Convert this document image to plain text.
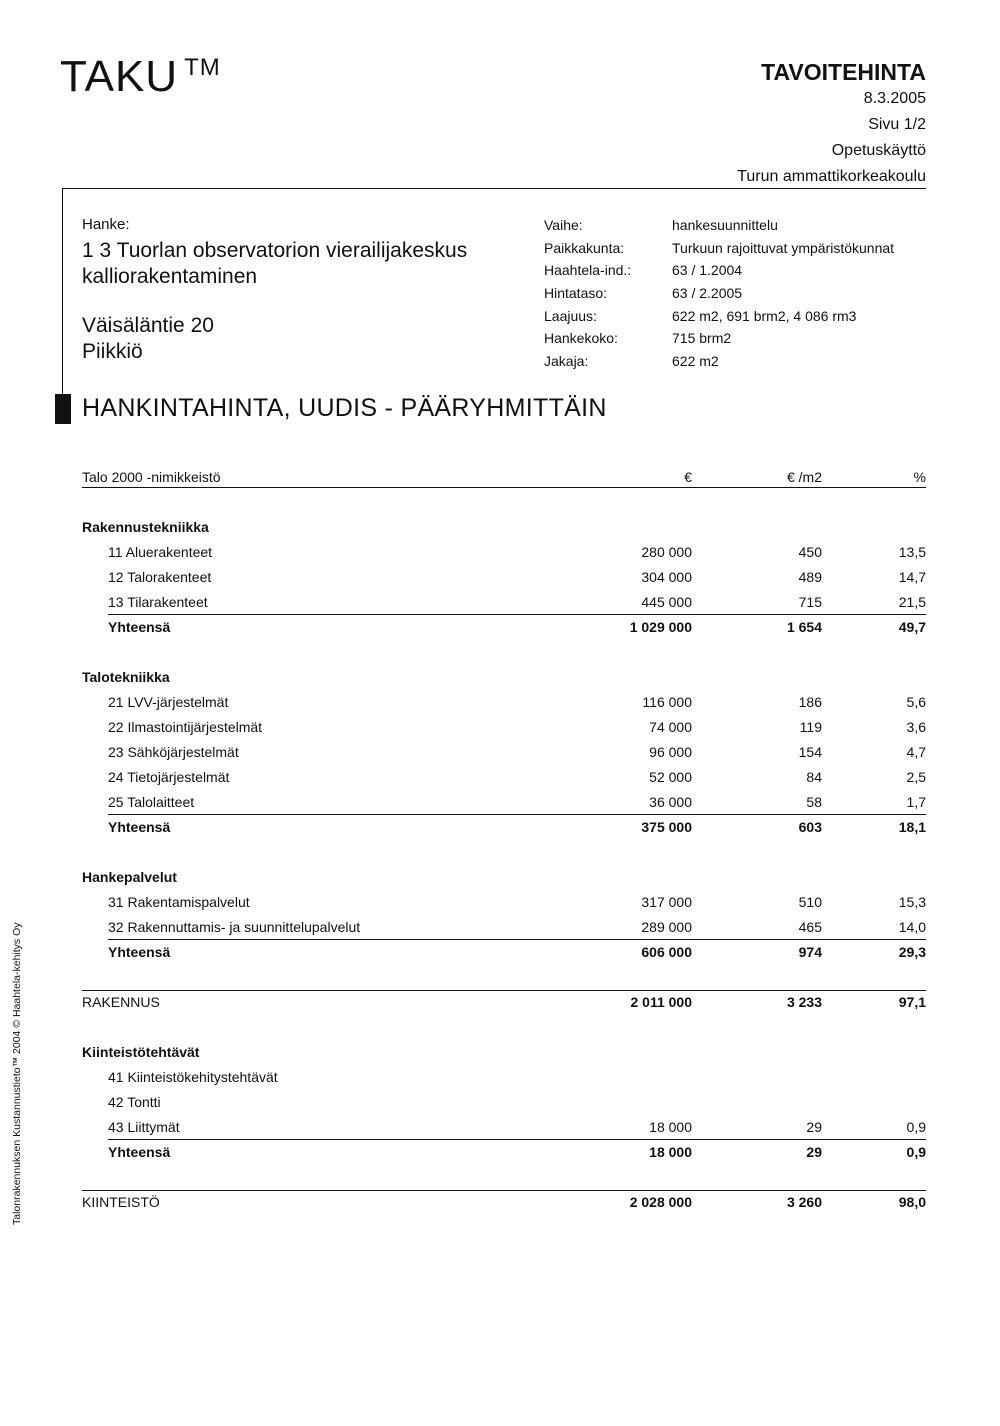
TAKU ™	TAVOITEHINTA
8.3.2005
Sivu 1/2
Opetuskäyttö
Turun ammattikorkeakoulu
Hanke:
1 3 Tuorlan observatorion vierailijakeskus
kalliorakentaminen
Väisäläntie 20
Piikkiö
Vaihe:	hankesuunnittelu
Paikkakunta:	Turkuun rajoittuvat ympäristökunnat
Haahtela-ind.:	63 / 1.2004
Hintataso:	63 / 2.2005
Laajuus:	622 m2, 691 brm2, 4 086 rm3
Hankekoko:	715 brm2
Jakaja:	622 m2
HANKINTAHINTA, UUDIS - PÄÄRYHMITTÄIN
Talo 2000 -nimikkeistö	€	€ /m2	%
Rakennustekniikka
11 Aluerakenteet	280 000	450	13,5
12 Talorakenteet	304 000	489	14,7
13 Tilarakenteet	445 000	715	21,5
Yhteensä	1 029 000	1 654	49,7
Talotekniikka
21 LVV-järjestelmät	116 000	186	5,6
22 Ilmastointijärjestelmät	74 000	119	3,6
23 Sähköjärjestelmät	96 000	154	4,7
24 Tietojärjestelmät	52 000	84	2,5
25 Talolaitteet	36 000	58	1,7
Yhteensä	375 000	603	18,1
Hankepalvelut
31 Rakentamispalvelut	317 000	510	15,3
32 Rakennuttamis- ja suunnittelupalvelut	289 000	465	14,0
Yhteensä	606 000	974	29,3
RAKENNUS	2 011 000	3 233	97,1
Kiinteistötehtävät
41 Kiinteistökehitystehtävät
42 Tontti
43 Liittymät	18 000	29	0,9
Yhteensä	18 000	29	0,9
KIINTEISTÖ	2 028 000	3 260	98,0
Talonrakennuksen Kustannustieto™ 2004 © Haahtela-kehitys Oy
